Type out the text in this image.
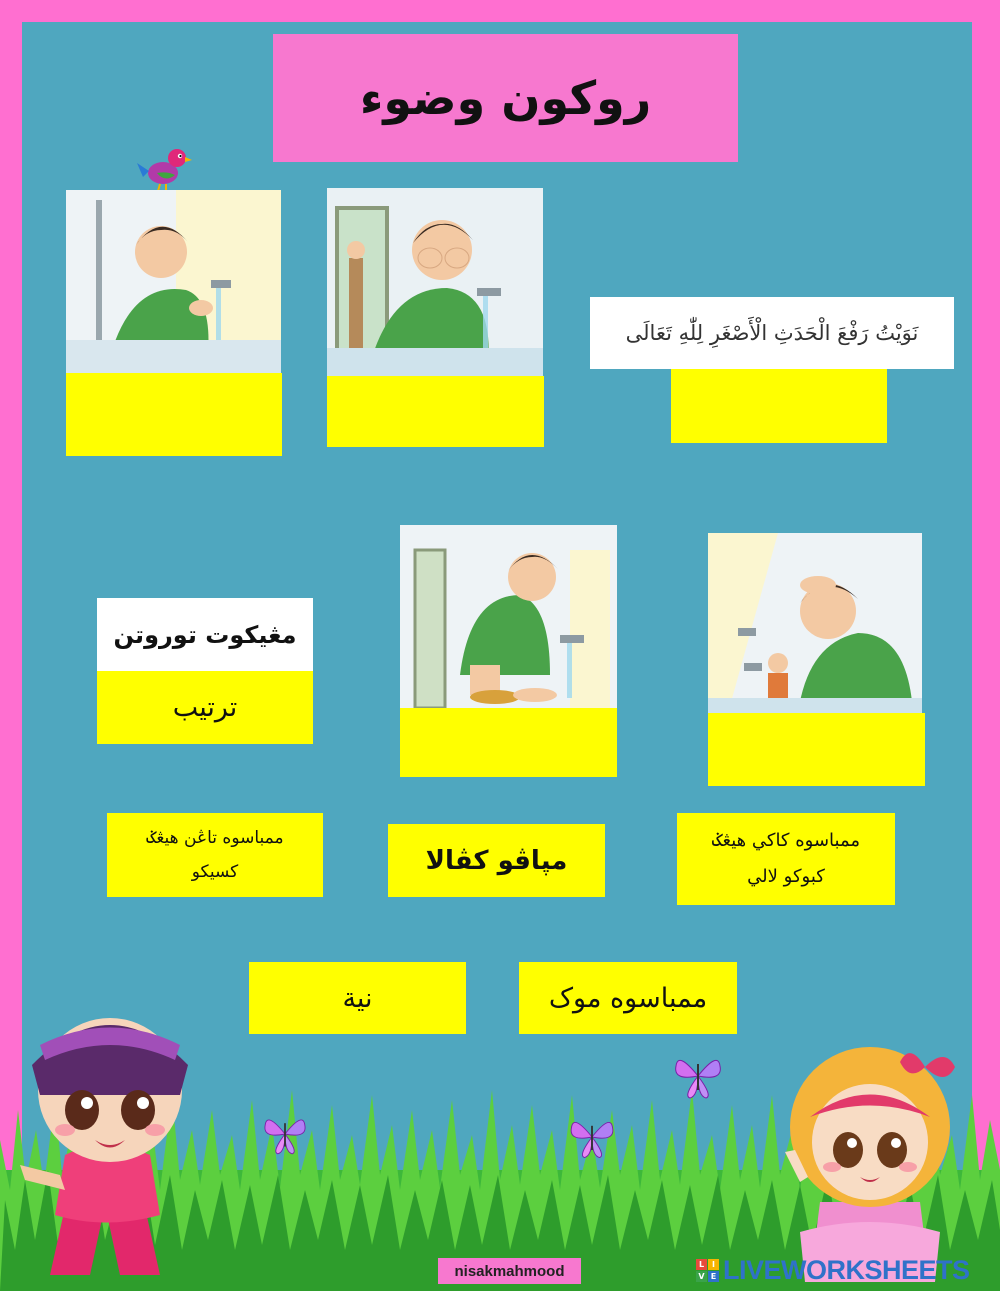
روكون وضوء
نَوَيْتُ رَفْعَ الْحَدَثِ الْأَصْغَرِ لِلّٰهِ تَعَالَى
مڠيكوت توروتن
ترتيب
ممباسوه تاڠن هيڠݢ
کسيکو	مپاڤو کڤالا
ممباسوه کاکي هيڠݢ
کبوکو لالي
نية	ممباسوه موک
nisakmahmood	L I
V E LIVEWORKSHEETS
